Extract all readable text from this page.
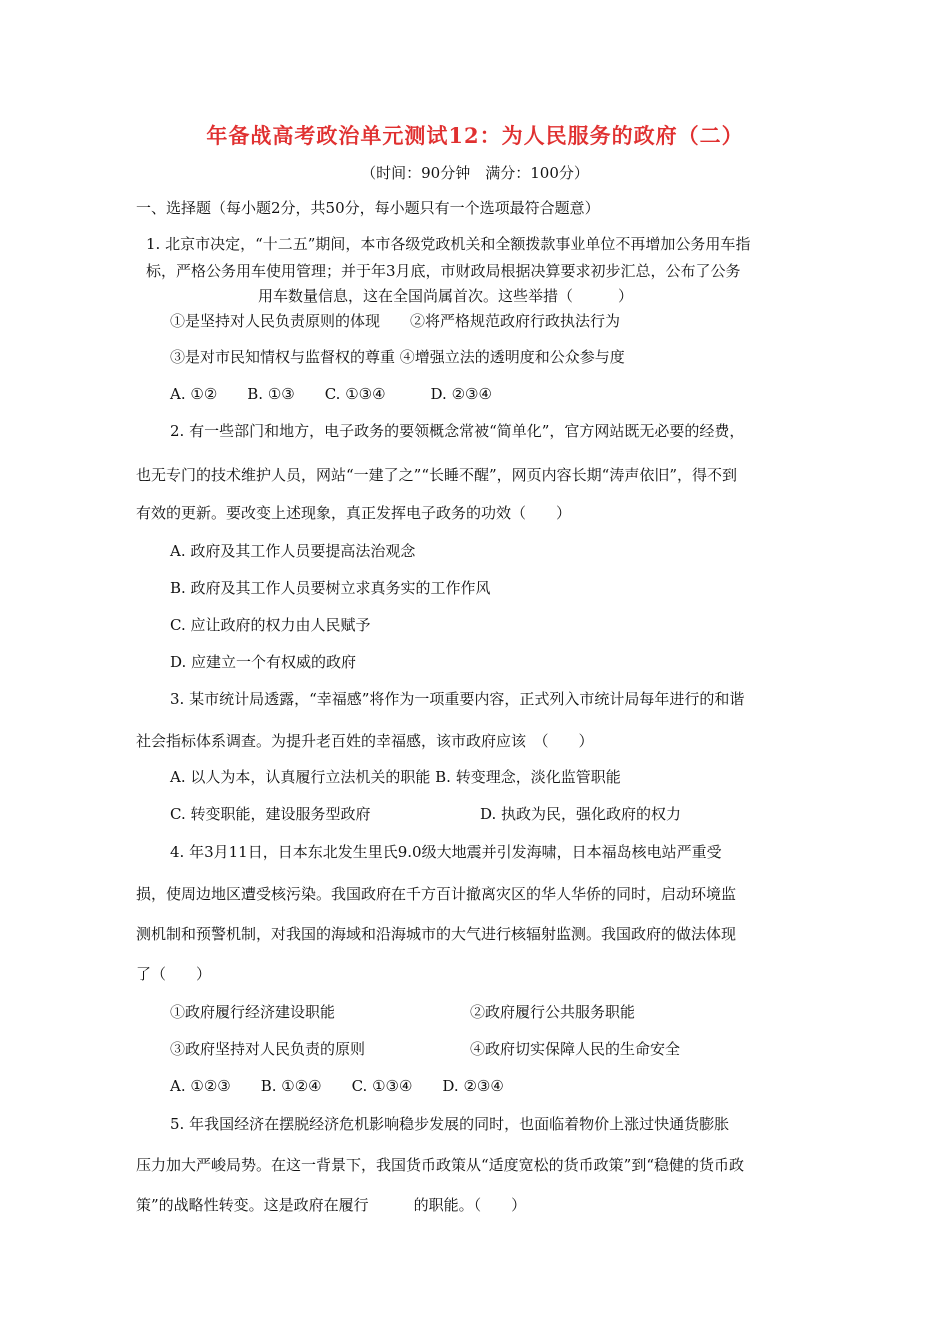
年备战高考政治单元测试12：为人民服务的政府（二）
（时间：90分钟　满分：100分）
一、选择题（每小题2分，共50分，每小题只有一个选项最符合题意）
1. 北京市决定，“十二五”期间，本市各级党政机关和全额拨款事业单位不再增加公务用车指
标，严格公务用车使用管理；并于年3月底，市财政局根据决算要求初步汇总，公布了公务
用车数量信息，这在全国尚属首次。这些举措（　　　）
①是坚持对人民负责原则的体现　　②将严格规范政府行政执法行为
③是对市民知情权与监督权的尊重 ④增强立法的透明度和公众参与度
A. ①②　　B. ①③　　C. ①③④　　　D. ②③④
2. 有一些部门和地方，电子政务的要领概念常被“简单化”，官方网站既无必要的经费，
也无专门的技术维护人员，网站“一建了之”“长睡不醒”，网页内容长期“涛声依旧”，得不到
有效的更新。要改变上述现象，真正发挥电子政务的功效（　　）
A. 政府及其工作人员要提高法治观念
B. 政府及其工作人员要树立求真务实的工作作风
C. 应让政府的权力由人民赋予
D. 应建立一个有权威的政府
3. 某市统计局透露，“幸福感”将作为一项重要内容，正式列入市统计局每年进行的和谐
社会指标体系调查。为提升老百姓的幸福感，该市政府应该　（　　）
A. 以人为本，认真履行立法机关的职能 B. 转变理念，淡化监管职能
C. 转变职能，建设服务型政府	D. 执政为民，强化政府的权力
4. 年3月11日，日本东北发生里氏9.0级大地震并引发海啸，日本福岛核电站严重受
损，使周边地区遭受核污染。我国政府在千方百计撤离灾区的华人华侨的同时，启动环境监
测机制和预警机制，对我国的海域和沿海城市的大气进行核辐射监测。我国政府的做法体现
了（　　）
①政府履行经济建设职能	②政府履行公共服务职能
③政府坚持对人民负责的原则	④政府切实保障人民的生命安全
A. ①②③　　B. ①②④　　C. ①③④　　D. ②③④
5. 年我国经济在摆脱经济危机影响稳步发展的同时，也面临着物价上涨过快通货膨胀
压力加大严峻局势。在这一背景下，我国货币政策从“适度宽松的货币政策”到“稳健的货币政
策”的战略性转变。这是政府在履行　　　的职能。（　　）
